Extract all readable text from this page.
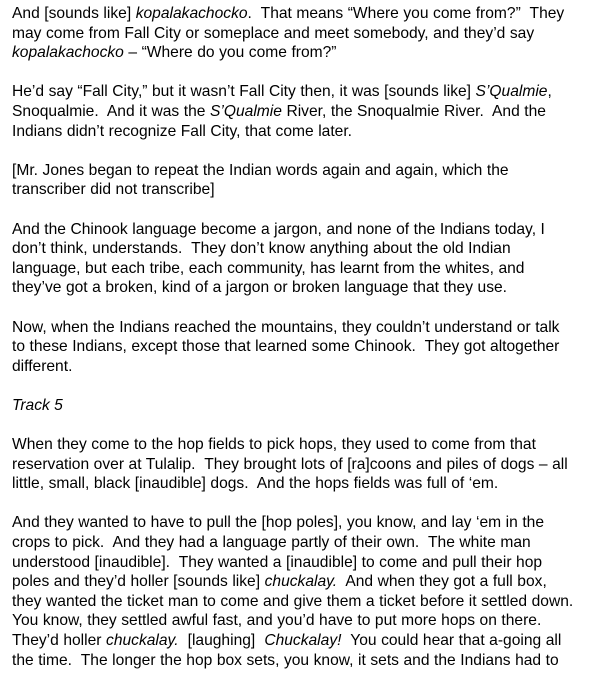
And [sounds like] kopalakachocko.  That means “Where you come from?”  They
may come from Fall City or someplace and meet somebody, and they’d say
kopalakachocko – “Where do you come from?”
He’d say “Fall City,” but it wasn’t Fall City then, it was [sounds like] S’Qualmie,
Snoqualmie.  And it was the S’Qualmie River, the Snoqualmie River.  And the
Indians didn’t recognize Fall City, that come later.
[Mr. Jones began to repeat the Indian words again and again, which the
transcriber did not transcribe]
And the Chinook language become a jargon, and none of the Indians today, I
don’t think, understands.  They don’t know anything about the old Indian
language, but each tribe, each community, has learnt from the whites, and
they’ve got a broken, kind of a jargon or broken language that they use.
Now, when the Indians reached the mountains, they couldn’t understand or talk
to these Indians, except those that learned some Chinook.  They got altogether
different.
Track 5
When they come to the hop fields to pick hops, they used to come from that
reservation over at Tulalip.  They brought lots of [ra]coons and piles of dogs – all
little, small, black [inaudible] dogs.  And the hops fields was full of ‘em.
And they wanted to have to pull the [hop poles], you know, and lay ‘em in the
crops to pick.  And they had a language partly of their own.  The white man
understood [inaudible].  They wanted a [inaudible] to come and pull their hop
poles and they’d holler [sounds like] chuckalay.  And when they got a full box,
they wanted the ticket man to come and give them a ticket before it settled down.
You know, they settled awful fast, and you’d have to put more hops on there.
They’d holler chuckalay.  [laughing]  Chuckalay!  You could hear that a-going all
the time.  The longer the hop box sets, you know, it sets and the Indians had to
